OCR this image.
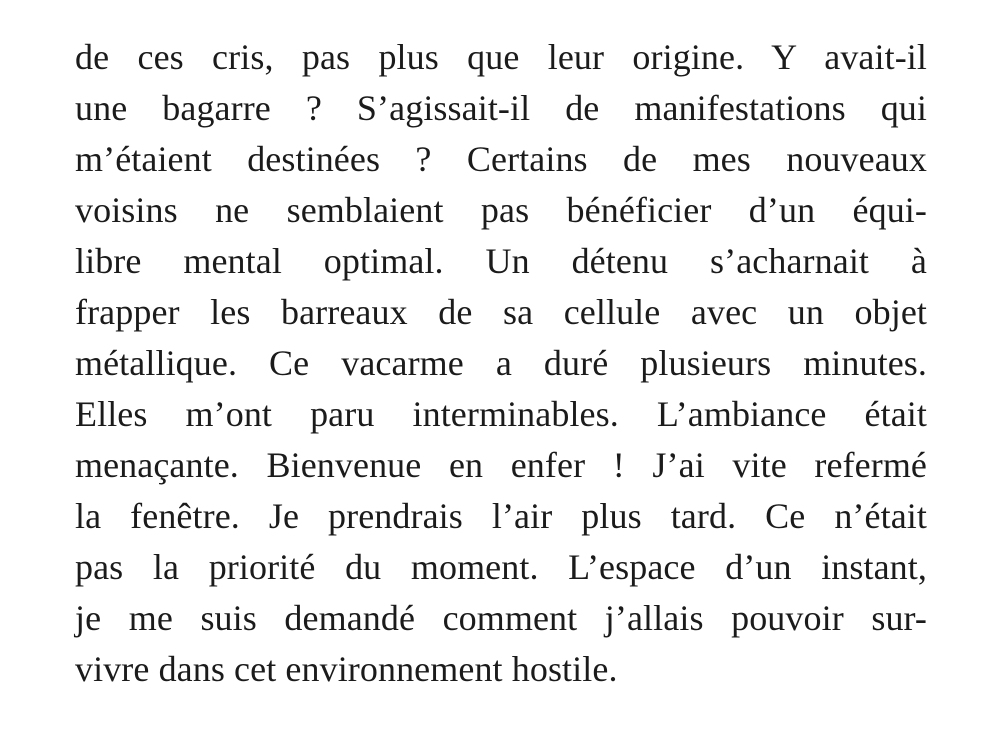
de ces cris, pas plus que leur origine. Y avait-il
une bagarre ? S’agissait-il de manifestations qui
m’étaient destinées ? Certains de mes nouveaux
voisins ne semblaient pas bénéficier d’un équi-
libre mental optimal. Un détenu s’acharnait à
frapper les barreaux de sa cellule avec un objet
métallique. Ce vacarme a duré plusieurs minutes.
Elles m’ont paru interminables. L’ambiance était
menaçante. Bienvenue en enfer ! J’ai vite refermé
la fenêtre. Je prendrais l’air plus tard. Ce n’était
pas la priorité du moment. L’espace d’un instant,
je me suis demandé comment j’allais pouvoir sur-
vivre dans cet environnement hostile.
